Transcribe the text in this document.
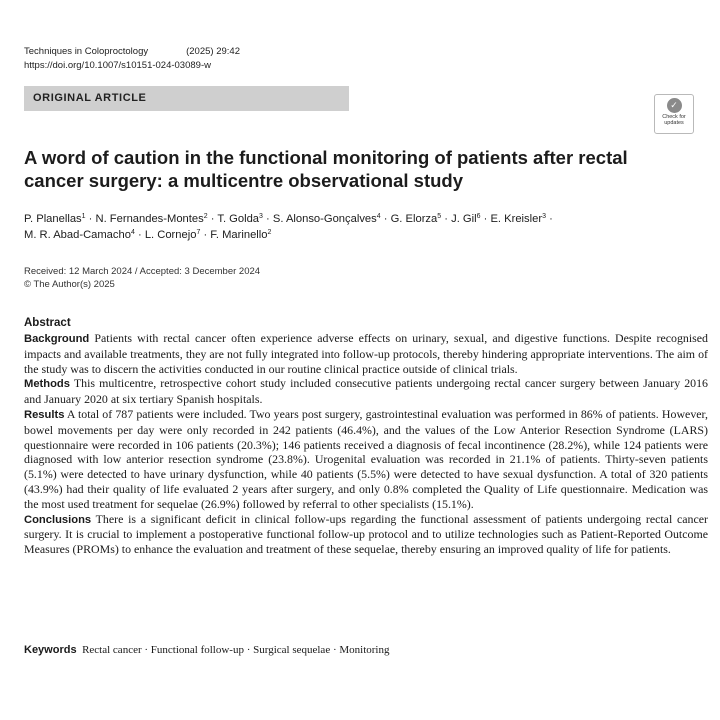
Techniques in Coloproctology	(2025) 29:42
https://doi.org/10.1007/s10151-024-03089-w
ORIGINAL ARTICLE
✓
Check for
updates
A word of caution in the functional monitoring of patients after rectal cancer surgery: a multicentre observational study
P. Planellas$^1$ · N. Fernandes-Montes$^2$ · T. Golda$^3$ · S. Alonso-Gonçalves$^4$ · G. Elorza$^5$ · J. Gil$^6$ · E. Kreisler$^3$ ·
M. R. Abad-Camacho$^4$ · L. Cornejo$^7$ · F. Marinello$^2$
Received: 12 March 2024 / Accepted: 3 December 2024
© The Author(s) 2025
Abstract
Background Patients with rectal cancer often experience adverse effects on urinary, sexual, and digestive functions. Despite recognised impacts and available treatments, they are not fully integrated into follow-up protocols, thereby hindering appropriate interventions. The aim of the study was to discern the activities conducted in our routine clinical practice outside of clinical trials.
Methods This multicentre, retrospective cohort study included consecutive patients undergoing rectal cancer surgery between January 2016 and January 2020 at six tertiary Spanish hospitals.
Results A total of 787 patients were included. Two years post surgery, gastrointestinal evaluation was performed in 86% of patients. However, bowel movements per day were only recorded in 242 patients (46.4%), and the values of the Low Anterior Resection Syndrome (LARS) questionnaire were recorded in 106 patients (20.3%); 146 patients received a diagnosis of fecal incontinence (28.2%), while 124 patients were diagnosed with low anterior resection syndrome (23.8%). Urogenital evaluation was recorded in 21.1% of patients. Thirty-seven patients (5.1%) were detected to have urinary dysfunction, while 40 patients (5.5%) were detected to have sexual dysfunction. A total of 320 patients (43.9%) had their quality of life evaluated 2 years after surgery, and only 0.8% completed the Quality of Life questionnaire. Medication was the most used treatment for sequelae (26.9%) followed by referral to other specialists (15.1%).
Conclusions There is a significant deficit in clinical follow-ups regarding the functional assessment of patients undergoing rectal cancer surgery. It is crucial to implement a postoperative functional follow-up protocol and to utilize technologies such as Patient-Reported Outcome Measures (PROMs) to enhance the evaluation and treatment of these sequelae, thereby ensuring an improved quality of life for patients.
Keywords Rectal cancer · Functional follow-up · Surgical sequelae · Monitoring
